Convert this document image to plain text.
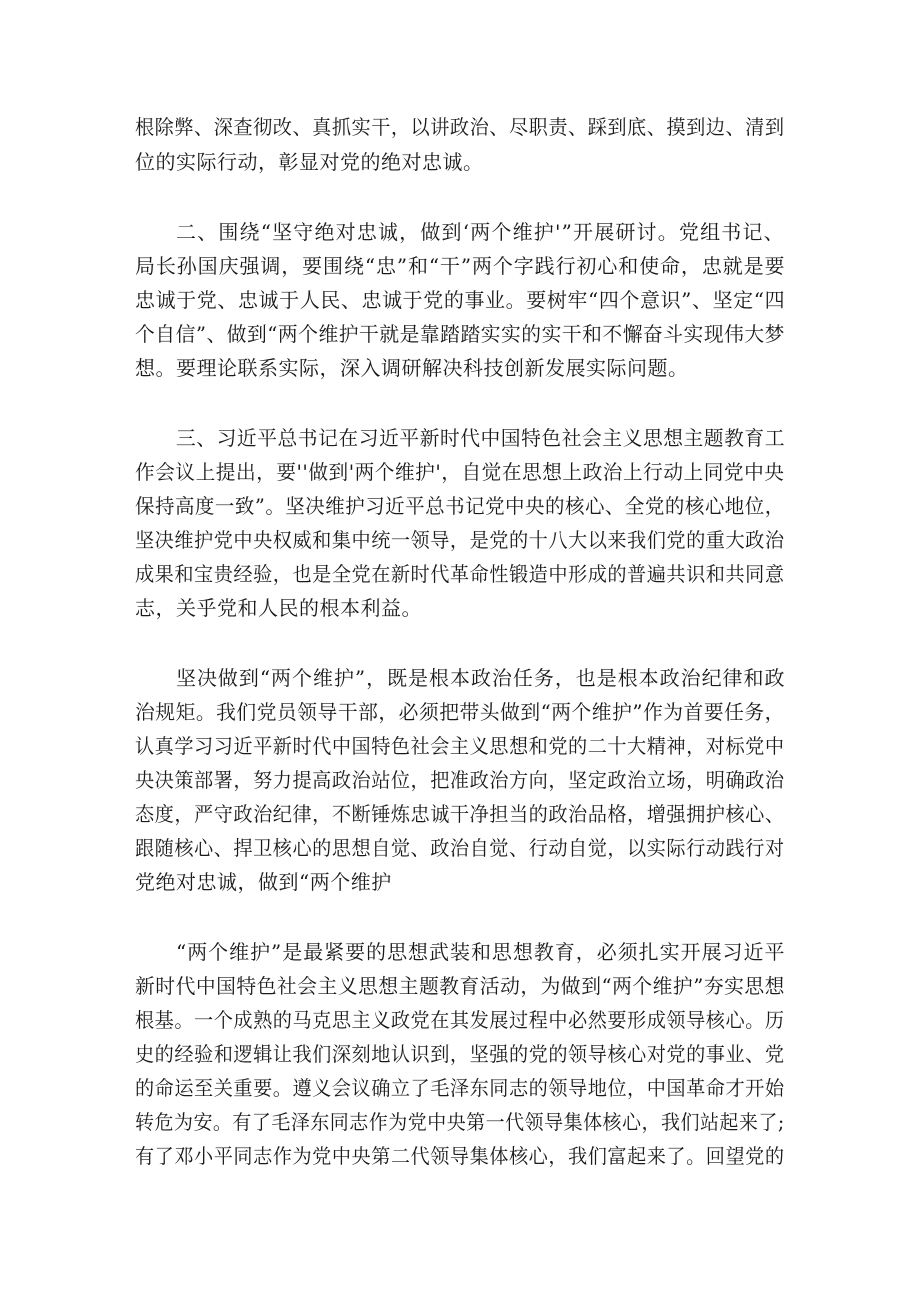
根除弊、深查彻改、真抓实干，以讲政治、尽职责、踩到底、摸到边、清到
位的实际行动，彰显对党的绝对忠诚。
二、围绕“坚守绝对忠诚，做到‘两个维护'”开展研讨。党组书记、
局长孙国庆强调，要围绕“忠”和“干”两个字践行初心和使命，忠就是要
忠诚于党、忠诚于人民、忠诚于党的事业。要树牢“四个意识”、坚定“四
个自信”、做到“两个维护干就是靠踏踏实实的实干和不懈奋斗实现伟大梦
想。要理论联系实际，深入调研解决科技创新发展实际问题。
三、习近平总书记在习近平新时代中国特色社会主义思想主题教育工
作会议上提出，要''做到'两个维护'，自觉在思想上政治上行动上同党中央
保持高度一致”。坚决维护习近平总书记党中央的核心、全党的核心地位，
坚决维护党中央权威和集中统一领导，是党的十八大以来我们党的重大政治
成果和宝贵经验，也是全党在新时代革命性锻造中形成的普遍共识和共同意
志，关乎党和人民的根本利益。
坚决做到“两个维护”，既是根本政治任务，也是根本政治纪律和政
治规矩。我们党员领导干部，必须把带头做到“两个维护”作为首要任务，
认真学习习近平新时代中国特色社会主义思想和党的二十大精神，对标党中
央决策部署，努力提高政治站位，把准政治方向，坚定政治立场，明确政治
态度，严守政治纪律，不断锤炼忠诚干净担当的政治品格，增强拥护核心、
跟随核心、捍卫核心的思想自觉、政治自觉、行动自觉，以实际行动践行对
党绝对忠诚，做到“两个维护
“两个维护”是最紧要的思想武装和思想教育，必须扎实开展习近平
新时代中国特色社会主义思想主题教育活动，为做到“两个维护”夯实思想
根基。一个成熟的马克思主义政党在其发展过程中必然要形成领导核心。历
史的经验和逻辑让我们深刻地认识到，坚强的党的领导核心对党的事业、党
的命运至关重要。遵义会议确立了毛泽东同志的领导地位，中国革命才开始
转危为安。有了毛泽东同志作为党中央第一代领导集体核心，我们站起来了;
有了邓小平同志作为党中央第二代领导集体核心，我们富起来了。回望党的
